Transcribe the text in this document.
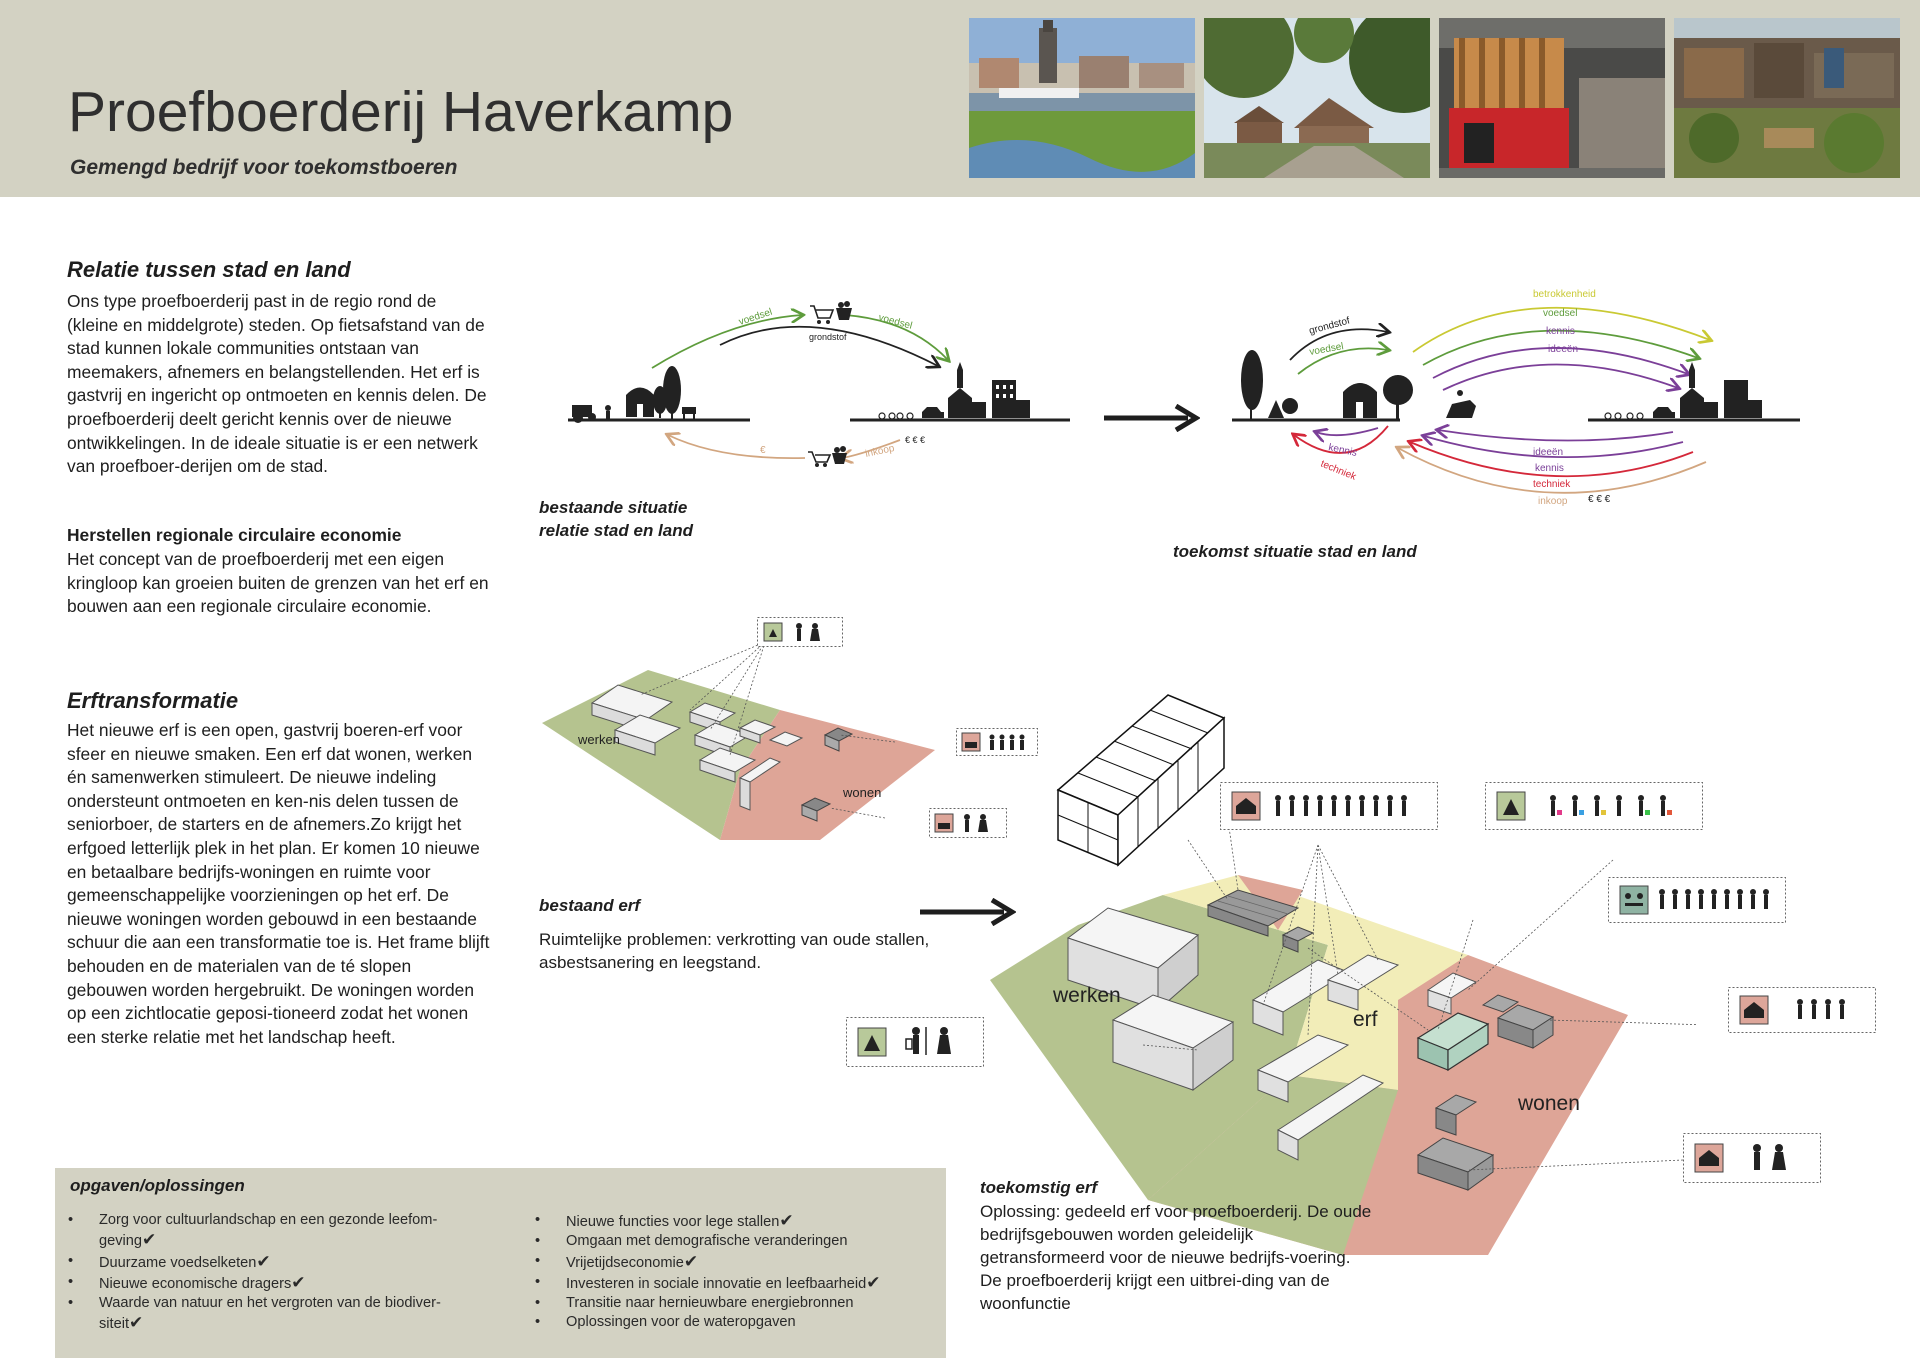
Proefboerderij Haverkamp
Gemengd bedrijf voor toekomstboeren
Relatie tussen stad en land

Ons type proefboerderij past in de regio rond de (kleine en middelgrote) steden. Op fietsafstand van de stad kunnen lokale communities ontstaan van meemakers, afnemers en belangstellenden. Het erf is gastvrij en ingericht op ontmoeten en kennis delen. De proefboerderij deelt gericht kennis over de nieuwe ontwikkelingen. In de ideale situatie is er een netwerk van proefboer-derijen om de stad.

Herstellen regionale circulaire economie

Het concept van de proefboerderij met een eigen kringloop kan groeien buiten de grenzen van het erf en bouwen aan een regionale circulaire economie.

Erftransformatie

Het nieuwe erf is een open, gastvrij boeren-erf voor sfeer en nieuwe smaken. Een erf dat wonen, werken én samenwerken stimuleert. De nieuwe indeling ondersteunt ontmoeten en ken-nis delen tussen de seniorboer, de starters en de afnemers.Zo krijgt het erfgoed letterlijk plek in het plan. Er komen 10 nieuwe en betaalbare bedrijfs-woningen en ruimte voor gemeenschappelijke voorzieningen op het erf. De nieuwe woningen worden gebouwd in een bestaande schuur die aan een transformatie toe is. Het frame blijft behouden en de materialen van de té slopen gebouwen worden hergebruikt. De woningen worden op een zichtlocatie geposi-tioneerd zodat het wonen een sterke relatie met het landschap heeft.

voedsel	voedsel
grondstof
€	inkoop
€ € €
bestaande situatie
relatie stad en land
grondstof
voedsel
kennis
techniek
betrokkenheid
voedsel
kennis
ideeën
ideeën
kennis
techniek
inkoop € € €
toekomst situatie stad en land
werken
wonen
bestaand erf
Ruimtelijke problemen: verkrotting van oude stallen, asbestsanering en leegstand.
werken
erf
wonen
toekomstig erf
Oplossing: gedeeld erf voor proefboerderij. De oude bedrijfsgebouwen worden geleidelijk getransformeerd voor de nieuwe bedrijfs-voering. De proefboerderij krijgt een uitbrei-ding van de woonfunctie
opgaven/oplossingen
• Zorg voor cultuurlandschap en een gezonde leefom-
geving✔
• Duurzame voedselketen✔
• Nieuwe economische dragers✔
• Waarde van natuur en het vergroten van de biodiver-
siteit✔
• Nieuwe functies voor lege stallen✔
• Omgaan met demografische veranderingen
• Vrijetijdseconomie✔
• Investeren in sociale innovatie en leefbaarheid✔
• Transitie naar hernieuwbare energiebronnen
• Oplossingen voor de wateropgaven
